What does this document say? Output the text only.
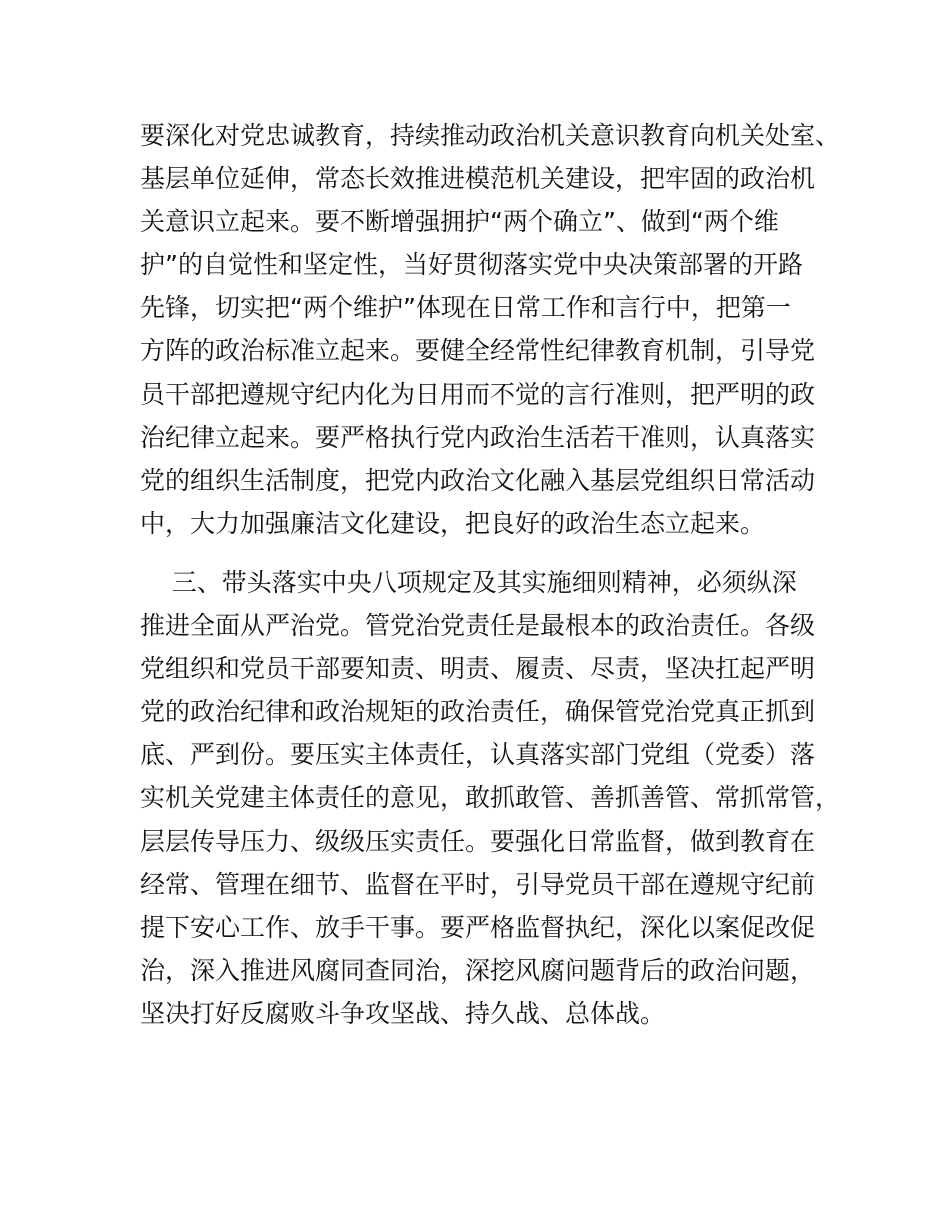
要深化对党忠诚教育，持续推动政治机关意识教育向机关处室、
基层单位延伸，常态长效推进模范机关建设，把牢固的政治机
关意识立起来。要不断增强拥护“两个确立”、做到“两个维
护”的自觉性和坚定性，当好贯彻落实党中央决策部署的开路
先锋，切实把“两个维护”体现在日常工作和言行中，把第一
方阵的政治标准立起来。要健全经常性纪律教育机制，引导党
员干部把遵规守纪内化为日用而不觉的言行准则，把严明的政
治纪律立起来。要严格执行党内政治生活若干准则，认真落实
党的组织生活制度，把党内政治文化融入基层党组织日常活动
中，大力加强廉洁文化建设，把良好的政治生态立起来。
三、带头落实中央八项规定及其实施细则精神，必须纵深
推进全面从严治党。管党治党责任是最根本的政治责任。各级
党组织和党员干部要知责、明责、履责、尽责，坚决扛起严明
党的政治纪律和政治规矩的政治责任，确保管党治党真正抓到
底、严到份。要压实主体责任，认真落实部门党组（党委）落
实机关党建主体责任的意见，敢抓敢管、善抓善管、常抓常管，
层层传导压力、级级压实责任。要强化日常监督，做到教育在
经常、管理在细节、监督在平时，引导党员干部在遵规守纪前
提下安心工作、放手干事。要严格监督执纪，深化以案促改促
治，深入推进风腐同查同治，深挖风腐问题背后的政治问题，
坚决打好反腐败斗争攻坚战、持久战、总体战。
